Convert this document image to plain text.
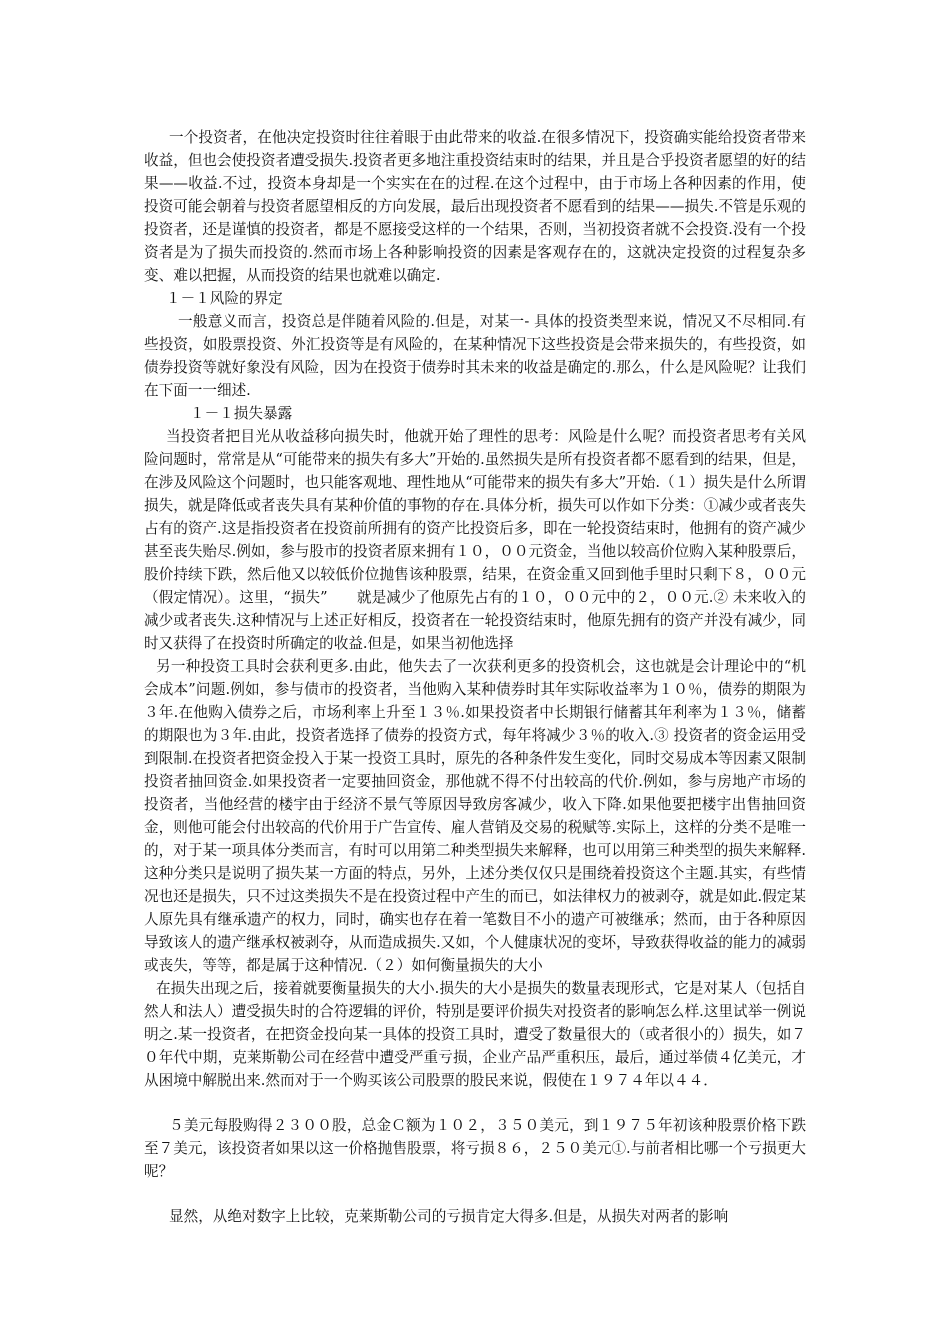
一个投资者，在他决定投资时往往着眼于由此带来的收益.在很多情况下，投资确实能给投资者带来收益，但也会使投资者遭受损失.投资者更多地注重投资结束时的结果，并且是合乎投资者愿望的好的结果——收益.不过，投资本身却是一个实实在在的过程.在这个过程中，由于市场上各种因素的作用，使投资可能会朝着与投资者愿望相反的方向发展，最后出现投资者不愿看到的结果——损失.不管是乐观的投资者，还是谨慎的投资者，都是不愿接受这样的一个结果，否则，当初投资者就不会投资.没有一个投资者是为了损失而投资的.然而市场上各种影响投资的因素是客观存在的，这就决定投资的过程复杂多变、难以把握，从而投资的结果也就难以确定.

１－１风险的界定

一般意义而言，投资总是伴随着风险的.但是，对某一- 具体的投资类型来说，情况又不尽相同.有些投资，如股票投资、外汇投资等是有风险的，在某种情况下这些投资是会带来损失的，有些投资，如债券投资等就好象没有风险，因为在投资于债券时其未来的收益是确定的.那么，什么是风险呢？让我们在下面一一细述.

１－１损失暴露

当投资者把目光从收益移向损失时，他就开始了理性的思考：风险是什么呢？而投资者思考有关风险问题时，常常是从“可能带来的损失有多大”开始的.虽然损失是所有投资者都不愿看到的结果，但是，在涉及风险这个问题时，也只能客观地、理性地从“可能带来的损失有多大”开始.（１）损失是什么所谓损失，就是降低或者丧失具有某种价值的事物的存在.具体分析，损失可以作如下分类：①减少或者丧失占有的资产.这是指投资者在投资前所拥有的资产比投资后多，即在一轮投资结束时，他拥有的资产减少甚至丧失贻尽.例如，参与股市的投资者原来拥有１０，００元资金，当他以较高价位购入某种股票后，股价持续下跌，然后他又以较低价位抛售该种股票，结果，在资金重又回到他手里时只剩下８，００元（假定情况）。这里，“损失”　　就是减少了他原先占有的１０，００元中的２，００元.② 未来收入的减少或者丧失.这种情况与上述正好相反，投资者在一轮投资结束时，他原先拥有的资产并没有减少，同时又获得了在投资时所确定的收益.但是，如果当初他选择

另一种投资工具时会获利更多.由此，他失去了一次获利更多的投资机会，这也就是会计理论中的“机会成本”问题.例如，参与债市的投资者，当他购入某种债券时其年实际收益率为１０％，债券的期限为３年.在他购入债券之后，市场利率上升至１３％.如果投资者中长期银行储蓄其年利率为１３％，储蓄的期限也为３年.由此，投资者选择了债券的投资方式，每年将减少３％的收入.③ 投资者的资金运用受到限制.在投资者把资金投入于某一投资工具时，原先的各种条件发生变化，同时交易成本等因素又限制投资者抽回资金.如果投资者一定要抽回资金，那他就不得不付出较高的代价.例如，参与房地产市场的投资者，当他经营的楼宇由于经济不景气等原因导致房客减少，收入下降.如果他要把楼宇出售抽回资金，则他可能会付出较高的代价用于广告宣传、雇人营销及交易的税赋等.实际上，这样的分类不是唯一的，对于某一项具体分类而言，有时可以用第二种类型损失来解释，也可以用第三种类型的损失来解释.这种分类只是说明了损失某一方面的特点，另外，上述分类仅仅只是围绕着投资这个主题.其实，有些情况也还是损失，只不过这类损失不是在投资过程中产生的而已，如法律权力的被剥夺，就是如此.假定某人原先具有继承遗产的权力，同时，确实也存在着一笔数目不小的遗产可被继承；然而，由于各种原因导致该人的遗产继承权被剥夺，从而造成损失.又如，个人健康状况的变坏，导致获得收益的能力的减弱或丧失，等等，都是属于这种情况.（２）如何衡量损失的大小

在损失出现之后，接着就要衡量损失的大小.损失的大小是损失的数量表现形式，它是对某人（包括自然人和法人）遭受损失时的合符逻辑的评价，特别是要评价损失对投资者的影响怎么样.这里试举一例说明之.某一投资者，在把资金投向某一具体的投资工具时，遭受了数量很大的（或者很小的）损失，如７０年代中期，克莱斯勒公司在经营中遭受严重亏损，企业产品严重积压，最后，通过举债４亿美元，才从困境中解脱出来.然而对于一个购买该公司股票的股民来说，假使在１９７４年以４４．

５美元每股购得２３００股，总金Ｃ额为１０２，３５０美元，到１９７５年初该种股票价格下跌至７美元，该投资者如果以这一价格抛售股票，将亏损８６，２５０美元①.与前者相比哪一个亏损更大呢？

显然，从绝对数字上比较，克莱斯勒公司的亏损肯定大得多.但是，从损失对两者的影响
